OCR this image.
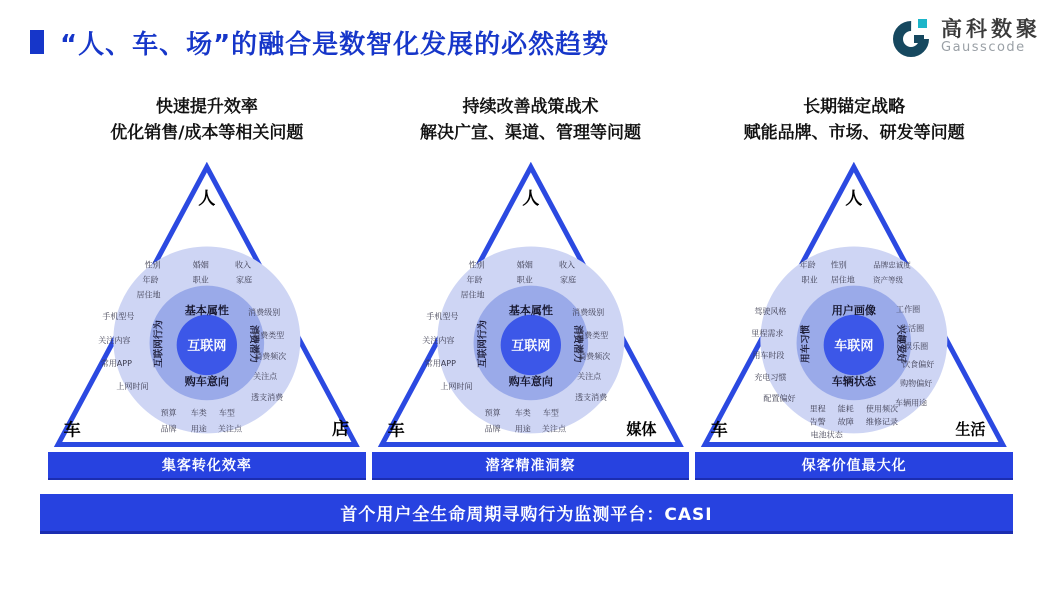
“人、车、场”的融合是数智化发展的必然趋势
高科数聚
Gausscode
快速提升效率
优化销售/成本等相关问题
人
车	店
基本属性
购车意向
互联网行为	消费潜力
互联网
性别	婚姻	收入
年龄	职业	家庭
居住地
手机型号
关注内容
常用APP
上网时间
消费级别
消费类型
消费频次
关注点
透支消费
预算 车类 车型
品牌 用途 关注点
集客转化效率
持续改善战策战术
解决广宣、渠道、管理等问题
人
车	媒体
基本属性
购车意向
互联网行为	消费潜力
互联网
性别	婚姻	收入
年龄	职业	家庭
居住地
手机型号
关注内容
常用APP
上网时间
消费级别
消费类型
消费频次
关注点
透支消费
预算 车类 车型
品牌 用途 关注点
潜客精准洞察
长期锚定战略
赋能品牌、市场、研发等问题
人
车	生活
用户画像
车辆状态
用车习惯	兴趣爱好
车联网
年龄 性别	品牌忠诚度
职业 居住地 资产等级
驾驶风格
里程需求
用车时段
充电习惯
配置偏好
工作圈
生活圈
娱乐圈
饮食偏好
购物偏好
车辆用途
里程 能耗 使用频次
告警 故障 维修记录
电池状态
保客价值最大化
首个用户全生命周期寻购行为监测平台：CASI
